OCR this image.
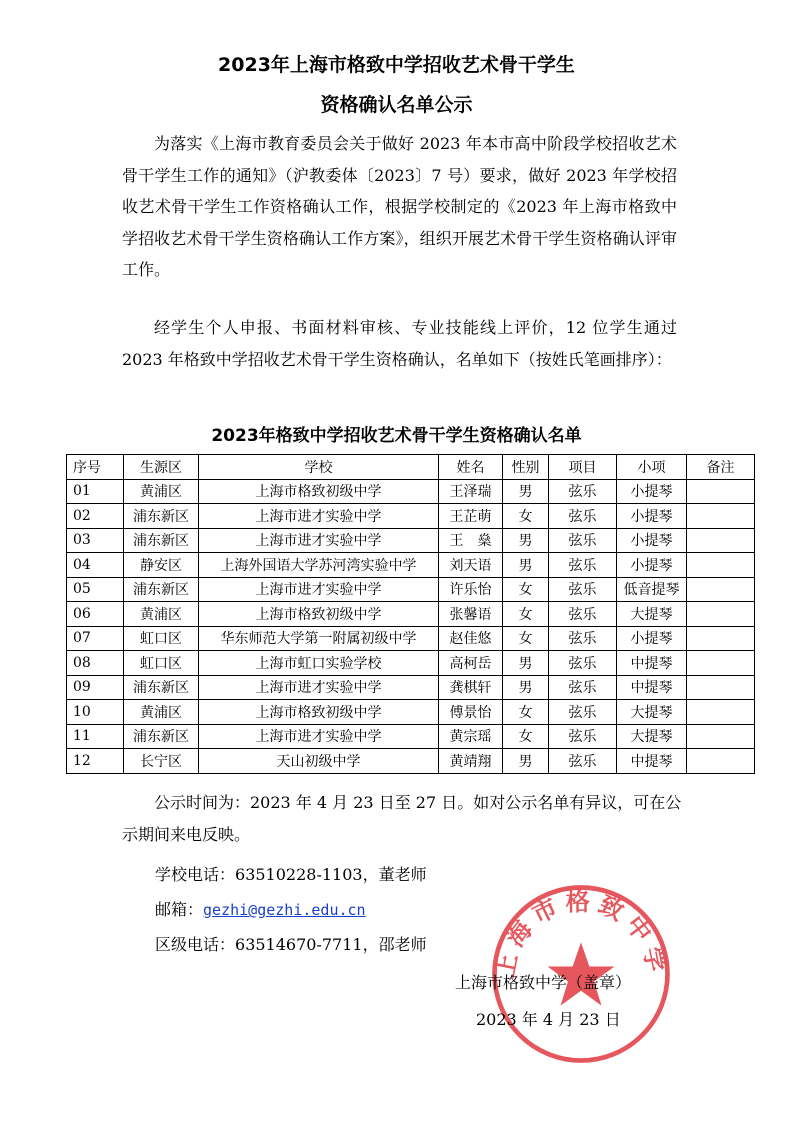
2023年上海市格致中学招收艺术骨干学生
资格确认名单公示

为落实《上海市教育委员会关于做好 2023 年本市高中阶段学校招收艺术骨干学生工作的通知》（沪教委体〔2023〕7 号）要求，做好 2023 年学校招收艺术骨干学生工作资格确认工作，根据学校制定的《2023 年上海市格致中学招收艺术骨干学生资格确认工作方案》，组织开展艺术骨干学生资格确认评审工作。

经学生个人申报、书面材料审核、专业技能线上评价，12 位学生通过 2023 年格致中学招收艺术骨干学生资格确认，名单如下（按姓氏笔画排序）：

2023年格致中学招收艺术骨干学生资格确认名单
序号	生源区	学校	姓名	性别	项目	小项	备注
01	黄浦区	上海市格致初级中学	王泽瑞	男	弦乐	小提琴	
02	浦东新区	上海市进才实验中学	王芷萌	女	弦乐	小提琴	
03	浦东新区	上海市进才实验中学	王　燊	男	弦乐	小提琴	
04	静安区	上海外国语大学苏河湾实验中学	刘天语	男	弦乐	小提琴	
05	浦东新区	上海市进才实验中学	许乐怡	女	弦乐	低音提琴	
06	黄浦区	上海市格致初级中学	张馨语	女	弦乐	大提琴	
07	虹口区	华东师范大学第一附属初级中学	赵佳悠	女	弦乐	小提琴	
08	虹口区	上海市虹口实验学校	高柯岳	男	弦乐	中提琴	
09	浦东新区	上海市进才实验中学	龚棋轩	男	弦乐	中提琴	
10	黄浦区	上海市格致初级中学	傅景怡	女	弦乐	大提琴	
11	浦东新区	上海市进才实验中学	黄宗瑶	女	弦乐	大提琴	
12	长宁区	天山初级中学	黄靖翔	男	弦乐	中提琴	

公示时间为：2023 年 4 月 23 日至 27 日。如对公示名单有异议，可在公示期间来电反映。

学校电话：63510228-1103，董老师

邮箱：gezhi@gezhi.edu.cn

区级电话：63514670-7711，邵老师

上海市格致中学

上海市格致中学（盖章）

2023 年 4 月 23 日
